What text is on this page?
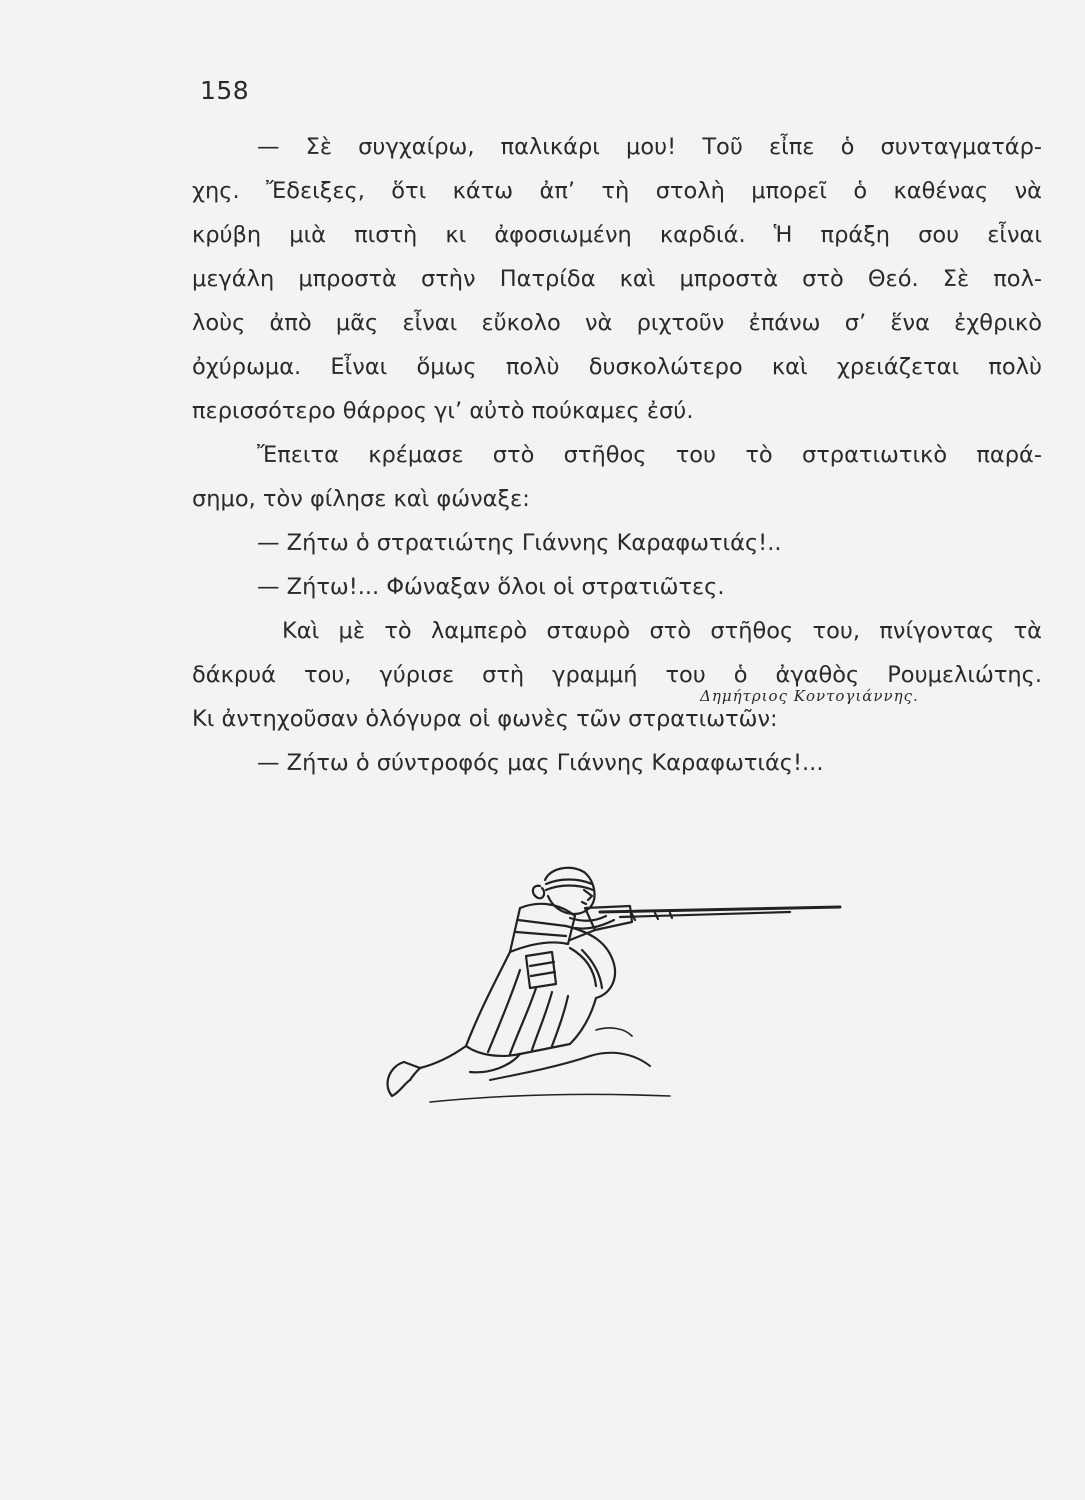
158
— Σὲ συγχαίρω, παλικάρι μου! Τοῦ εἶπε ὁ συνταγματάρ-
χης. Ἔδειξες, ὅτι κάτω ἀπ’ τὴ στολὴ μπορεῖ ὁ καθένας νὰ
κρύβη μιὰ πιστὴ κι ἀφοσιωμένη καρδιά. Ἡ πράξη σου εἶναι
μεγάλη μπροστὰ στὴν Πατρίδα καὶ μπροστὰ στὸ Θεό. Σὲ πολ-
λοὺς ἀπὸ μᾶς εἶναι εὔκολο νὰ ριχτοῦν ἐπάνω σ’ ἕνα ἐχθρικὸ
ὀχύρωμα. Εἶναι ὅμως πολὺ δυσκολώτερο καὶ χρειάζεται πολὺ
περισσότερο θάρρος γι’ αὐτὸ πούκαμες ἐσύ.
Ἔπειτα κρέμασε στὸ στῆθος του τὸ στρατιωτικὸ παρά-
σημο, τὸν φίλησε καὶ φώναξε:
— Ζήτω ὁ στρατιώτης Γιάννης Καραφωτιάς!..
— Ζήτω!... Φώναξαν ὅλοι οἱ στρατιῶτες.
Καὶ μὲ τὸ λαμπερὸ σταυρὸ στὸ στῆθος του, πνίγοντας τὰ
δάκρυά του, γύρισε στὴ γραμμή του ὁ ἀγαθὸς Ρουμελιώτης.
Κι ἀντηχοῦσαν ὁλόγυρα οἱ φωνὲς τῶν στρατιωτῶν:
— Ζήτω ὁ σύντροφός μας Γιάννης Καραφωτιάς!...
Δημήτριος Κοντογιάννης.
